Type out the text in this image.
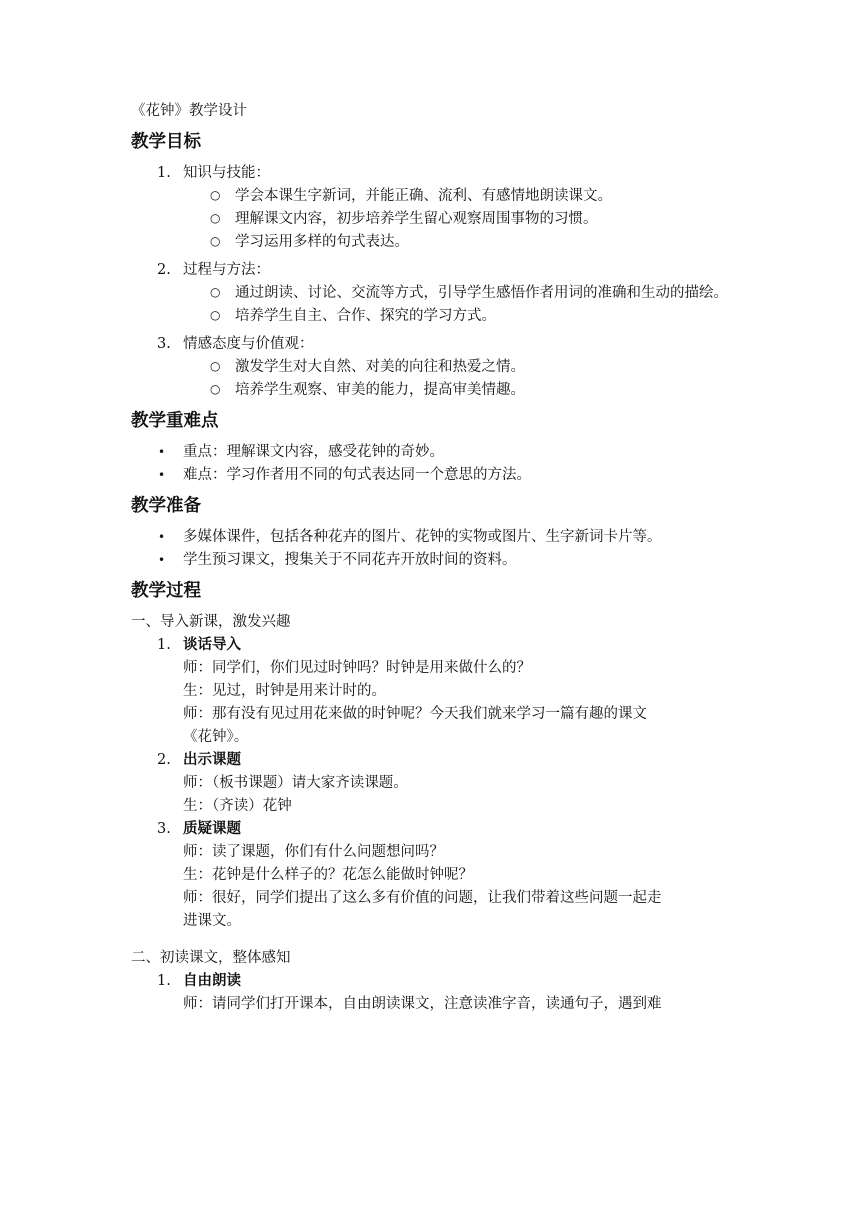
《花钟》教学设计
教学目标
1. 知识与技能：
○ 学会本课生字新词，并能正确、流利、有感情地朗读课文。
○ 理解课文内容，初步培养学生留心观察周围事物的习惯。
○ 学习运用多样的句式表达。
2. 过程与方法：
○ 通过朗读、讨论、交流等方式，引导学生感悟作者用词的准确和生动的描绘。
○ 培养学生自主、合作、探究的学习方式。
3. 情感态度与价值观：
○ 激发学生对大自然、对美的向往和热爱之情。
○ 培养学生观察、审美的能力，提高审美情趣。
教学重难点
• 重点：理解课文内容，感受花钟的奇妙。
• 难点：学习作者用不同的句式表达同一个意思的方法。
教学准备
• 多媒体课件，包括各种花卉的图片、花钟的实物或图片、生字新词卡片等。
• 学生预习课文，搜集关于不同花卉开放时间的资料。
教学过程
一、导入新课，激发兴趣
1. 谈话导入
师：同学们，你们见过时钟吗？时钟是用来做什么的？
生：见过，时钟是用来计时的。
师：那有没有见过用花来做的时钟呢？今天我们就来学习一篇有趣的课文
《花钟》。
2. 出示课题
师：（板书课题）请大家齐读课题。
生：（齐读）花钟
3. 质疑课题
师：读了课题，你们有什么问题想问吗？
生：花钟是什么样子的？花怎么能做时钟呢？
师：很好，同学们提出了这么多有价值的问题，让我们带着这些问题一起走
进课文。
二、初读课文，整体感知
1. 自由朗读
师：请同学们打开课本，自由朗读课文，注意读准字音，读通句子，遇到难
